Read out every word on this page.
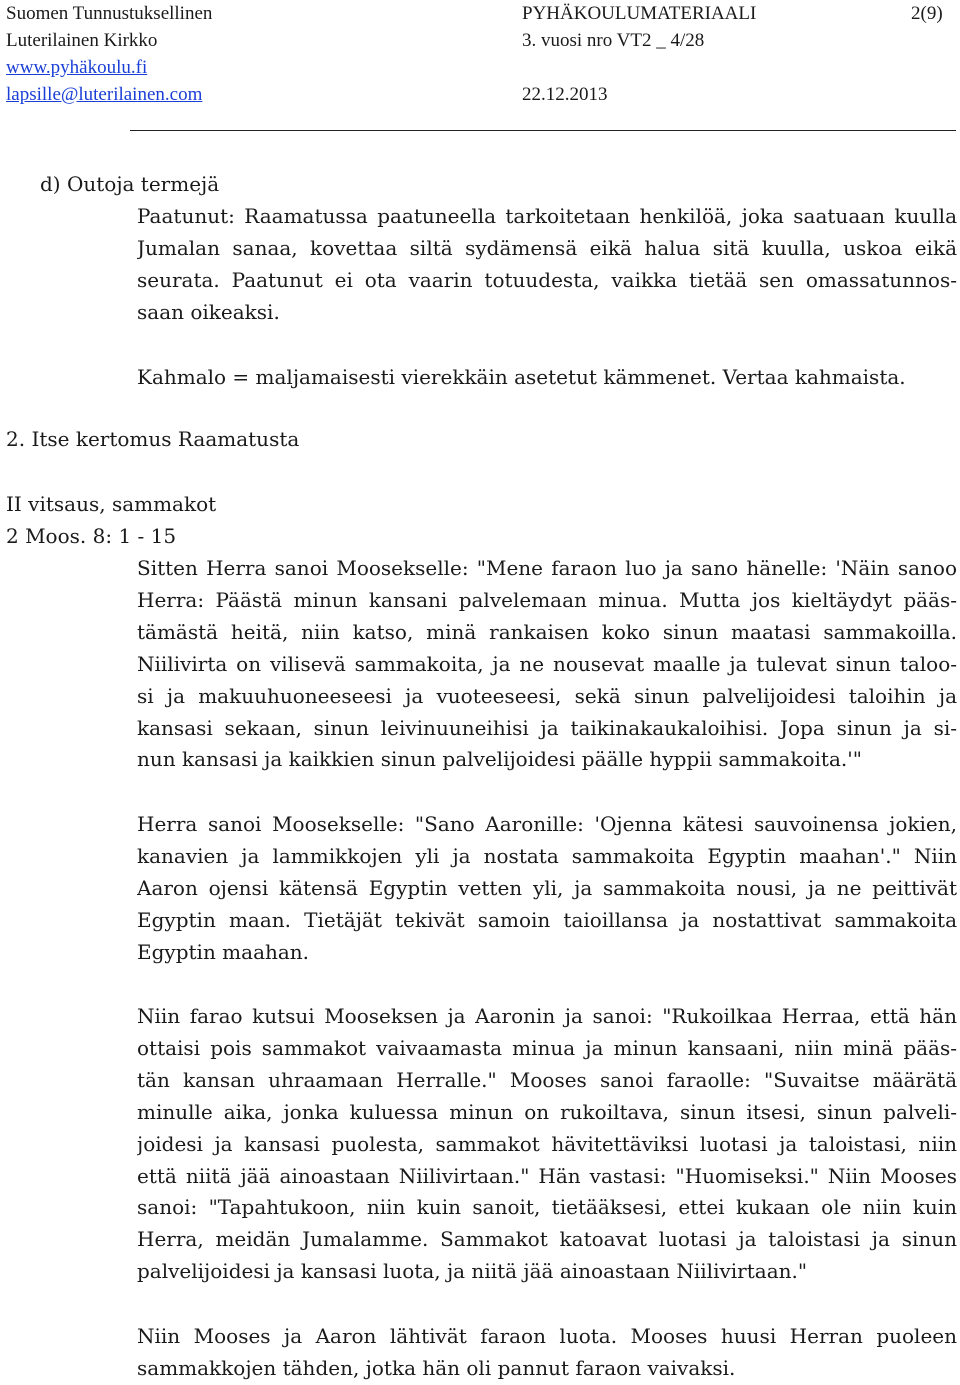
Suomen Tunnustuksellinen	PYHÄKOULUMATERIAALI	2(9)
Luterilainen Kirkko	3. vuosi nro VT2 _ 4/28
www.pyhäkoulu.fi
lapsille@luterilainen.com	22.12.2013
d) Outoja termejä
Paatunut: Raamatussa paatuneella tarkoitetaan henkilöä, joka saatuaan kuulla
Jumalan sanaa, kovettaa siltä sydämensä eikä halua sitä kuulla, uskoa eikä
seurata. Paatunut ei ota vaarin totuudesta, vaikka tietää sen omassatunnos-
saan oikeaksi.
Kahmalo = maljamaisesti vierekkäin asetetut kämmenet. Vertaa kahmaista.
2. Itse kertomus Raamatusta
II vitsaus, sammakot
2 Moos. 8: 1 - 15
Sitten Herra sanoi Moosekselle: "Mene faraon luo ja sano hänelle: 'Näin sanoo
Herra: Päästä minun kansani palvelemaan minua. Mutta jos kieltäydyt pääs-
tämästä heitä, niin katso, minä rankaisen koko sinun maatasi sammakoilla.
Niilivirta on vilisevä sammakoita, ja ne nousevat maalle ja tulevat sinun taloo-
si ja makuuhuoneeseesi ja vuoteeseesi, sekä sinun palvelijoidesi taloihin ja
kansasi sekaan, sinun leivinuuneihisi ja taikinakaukaloihisi. Jopa sinun ja si-
nun kansasi ja kaikkien sinun palvelijoidesi päälle hyppii sammakoita.'"
Herra sanoi Moosekselle: "Sano Aaronille: 'Ojenna kätesi sauvoinensa jokien,
kanavien ja lammikkojen yli ja nostata sammakoita Egyptin maahan'." Niin
Aaron ojensi kätensä Egyptin vetten yli, ja sammakoita nousi, ja ne peittivät
Egyptin maan. Tietäjät tekivät samoin taioillansa ja nostattivat sammakoita
Egyptin maahan.
Niin farao kutsui Mooseksen ja Aaronin ja sanoi: "Rukoilkaa Herraa, että hän
ottaisi pois sammakot vaivaamasta minua ja minun kansaani, niin minä pääs-
tän kansan uhraamaan Herralle." Mooses sanoi faraolle: "Suvaitse määrätä
minulle aika, jonka kuluessa minun on rukoiltava, sinun itsesi, sinun palveli-
joidesi ja kansasi puolesta, sammakot hävitettäviksi luotasi ja taloistasi, niin
että niitä jää ainoastaan Niilivirtaan." Hän vastasi: "Huomiseksi." Niin Mooses
sanoi: "Tapahtukoon, niin kuin sanoit, tietääksesi, ettei kukaan ole niin kuin
Herra, meidän Jumalamme. Sammakot katoavat luotasi ja taloistasi ja sinun
palvelijoidesi ja kansasi luota, ja niitä jää ainoastaan Niilivirtaan."
Niin Mooses ja Aaron lähtivät faraon luota. Mooses huusi Herran puoleen
sammakkojen tähden, jotka hän oli pannut faraon vaivaksi.
